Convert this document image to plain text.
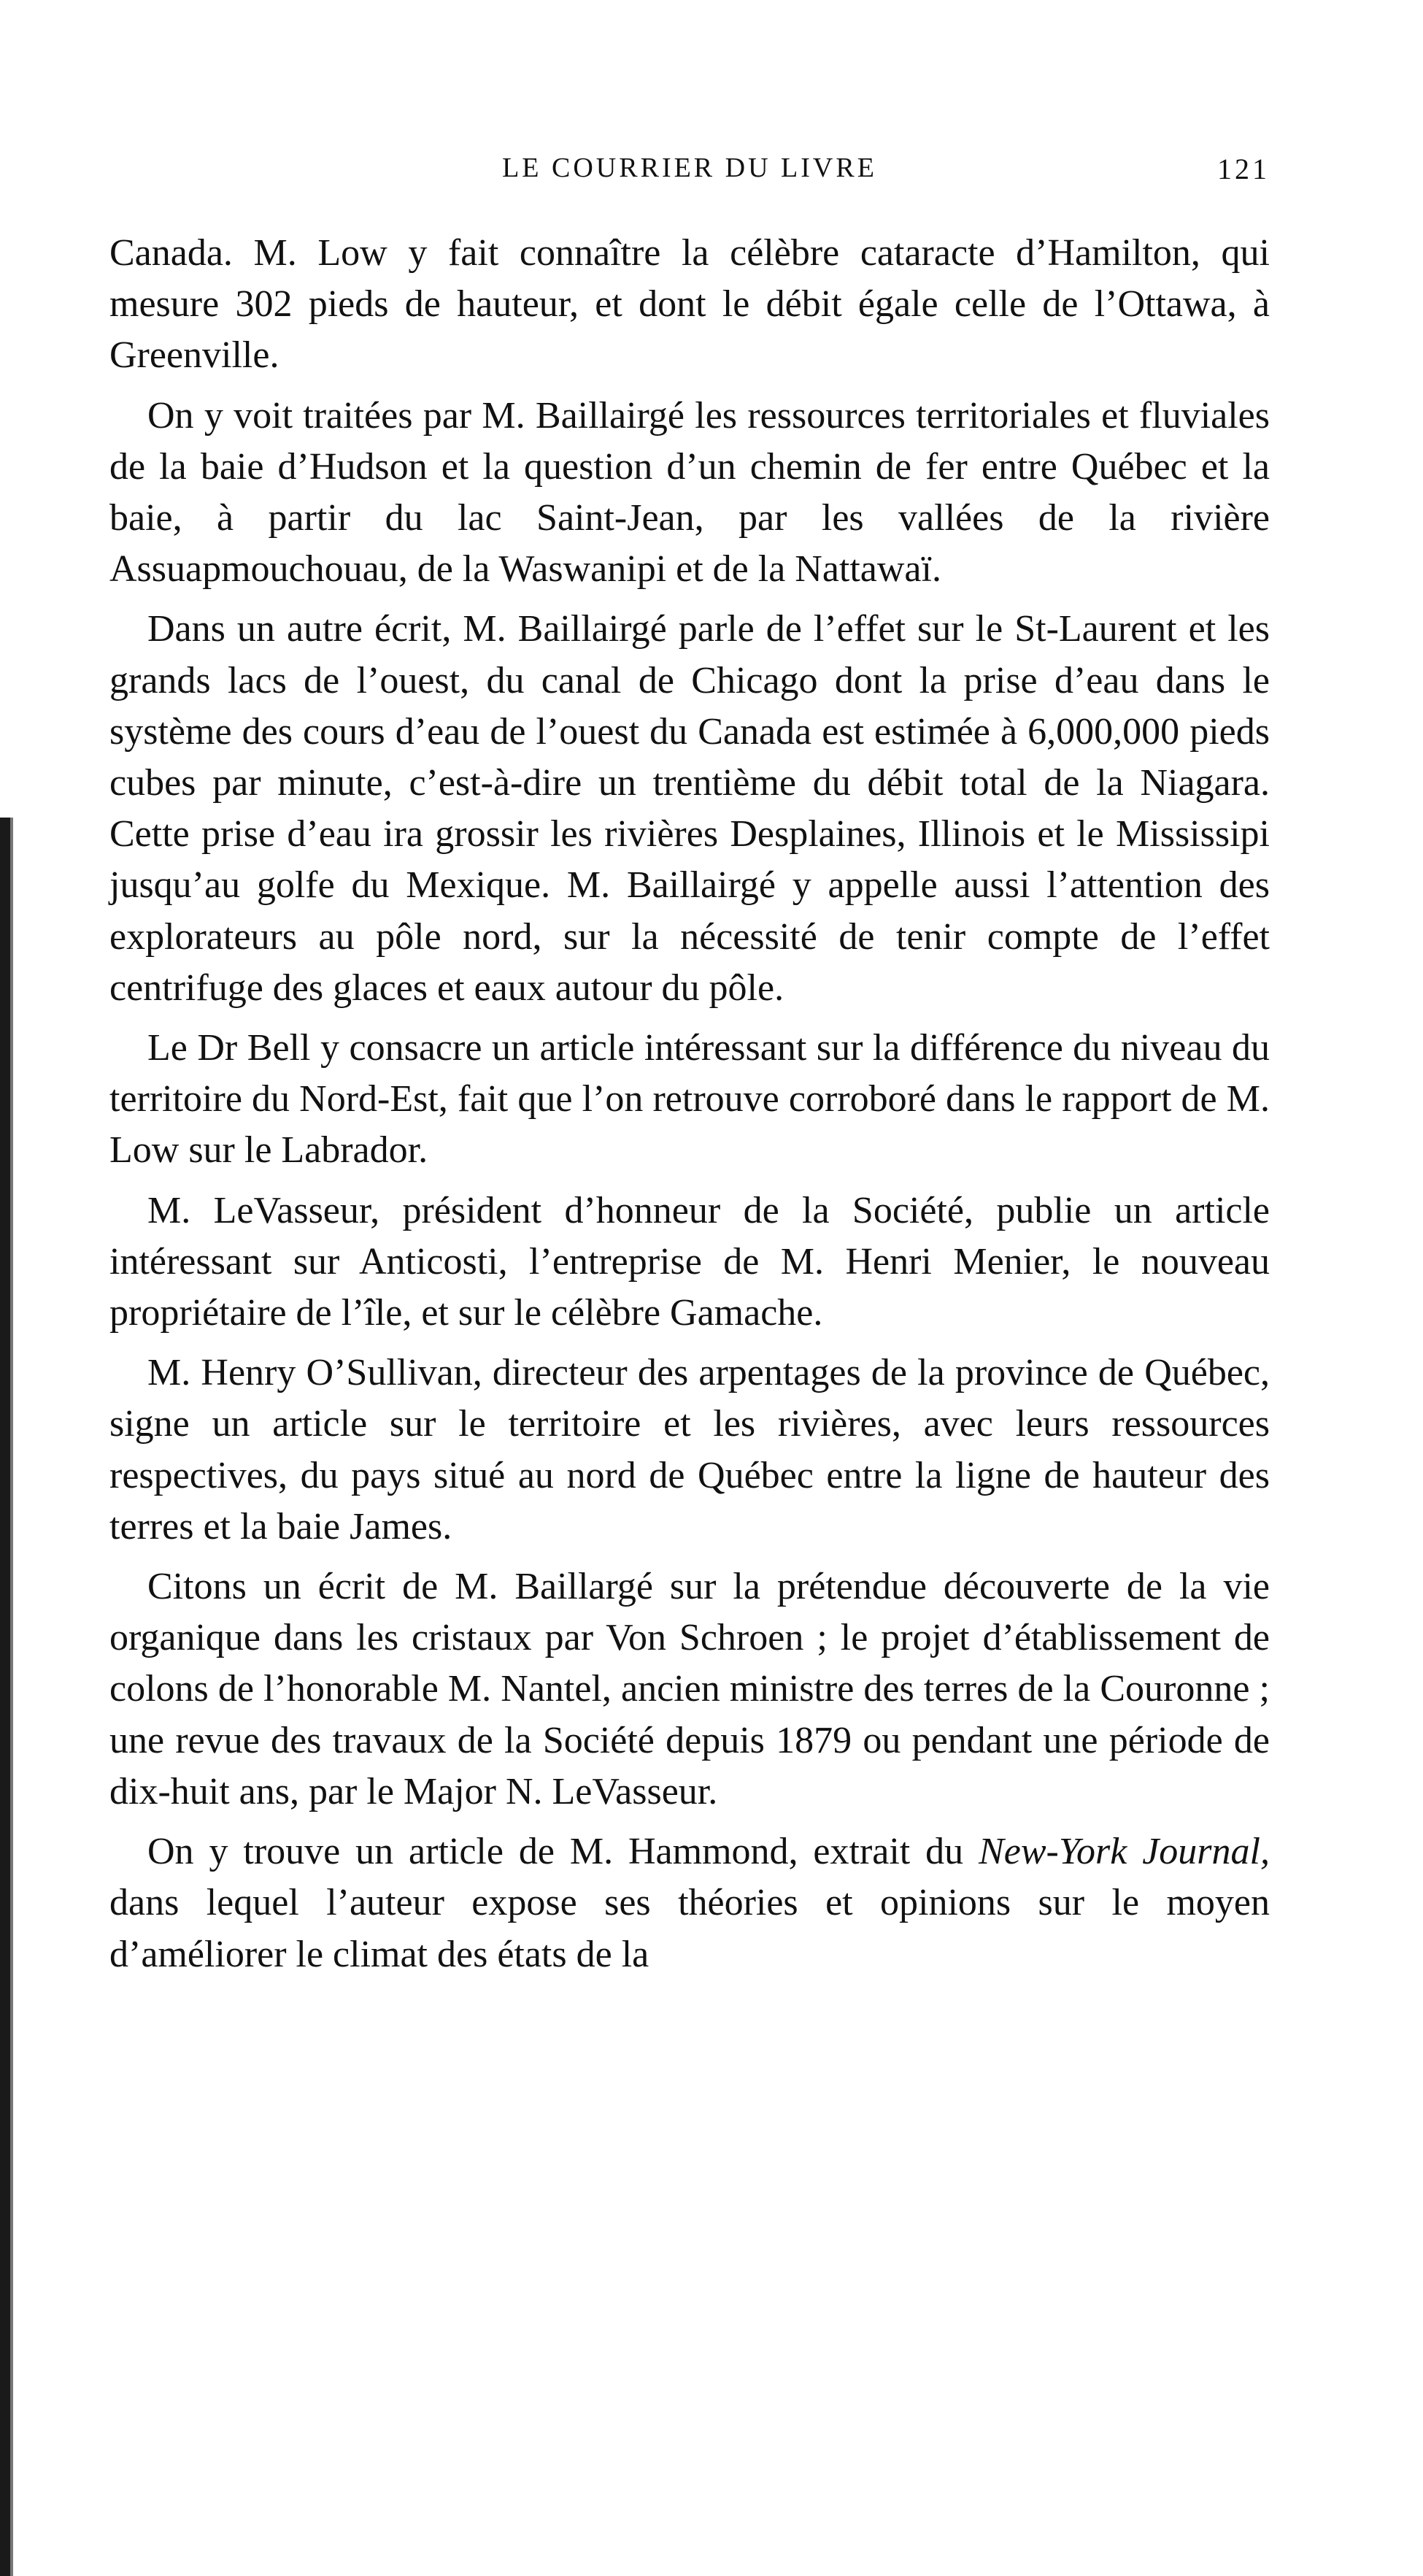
LE COURRIER DU LIVRE	121

Canada. M. Low y fait connaître la célèbre cataracte d’Hamilton, qui mesure 302 pieds de hauteur, et dont le débit égale celle de l’Ottawa, à Greenville.

On y voit traitées par M. Baillairgé les ressources territoriales et fluviales de la baie d’Hudson et la question d’un chemin de fer entre Québec et la baie, à partir du lac Saint-Jean, par les vallées de la rivière Assuapmouchouau, de la Waswanipi et de la Nattawaï.

Dans un autre écrit, M. Baillairgé parle de l’effet sur le St-Laurent et les grands lacs de l’ouest, du canal de Chicago dont la prise d’eau dans le système des cours d’eau de l’ouest du Canada est estimée à 6,000,000 pieds cubes par minute, c’est-à-dire un trentième du débit total de la Niagara. Cette prise d’eau ira grossir les rivières Desplaines, Illinois et le Mississipi jusqu’au golfe du Mexique. M. Baillairgé y appelle aussi l’attention des explorateurs au pôle nord, sur la nécessité de tenir compte de l’effet centrifuge des glaces et eaux autour du pôle.

Le Dr Bell y consacre un article intéressant sur la différence du niveau du territoire du Nord-Est, fait que l’on retrouve corroboré dans le rapport de M. Low sur le Labrador.

M. LeVasseur, président d’honneur de la Société, publie un article intéressant sur Anticosti, l’entreprise de M. Henri Menier, le nouveau propriétaire de l’île, et sur le célèbre Gamache.

M. Henry O’Sullivan, directeur des arpentages de la province de Québec, signe un article sur le territoire et les rivières, avec leurs ressources respectives, du pays situé au nord de Québec entre la ligne de hauteur des terres et la baie James.

Citons un écrit de M. Baillargé sur la prétendue découverte de la vie organique dans les cristaux par Von Schroen ; le projet d’établissement de colons de l’honorable M. Nantel, ancien ministre des terres de la Couronne ; une revue des travaux de la Société depuis 1879 ou pendant une période de dix-huit ans, par le Major N. LeVasseur.

On y trouve un article de M. Hammond, extrait du New-York Journal, dans lequel l’auteur expose ses théories et opinions sur le moyen d’améliorer le climat des états de la
